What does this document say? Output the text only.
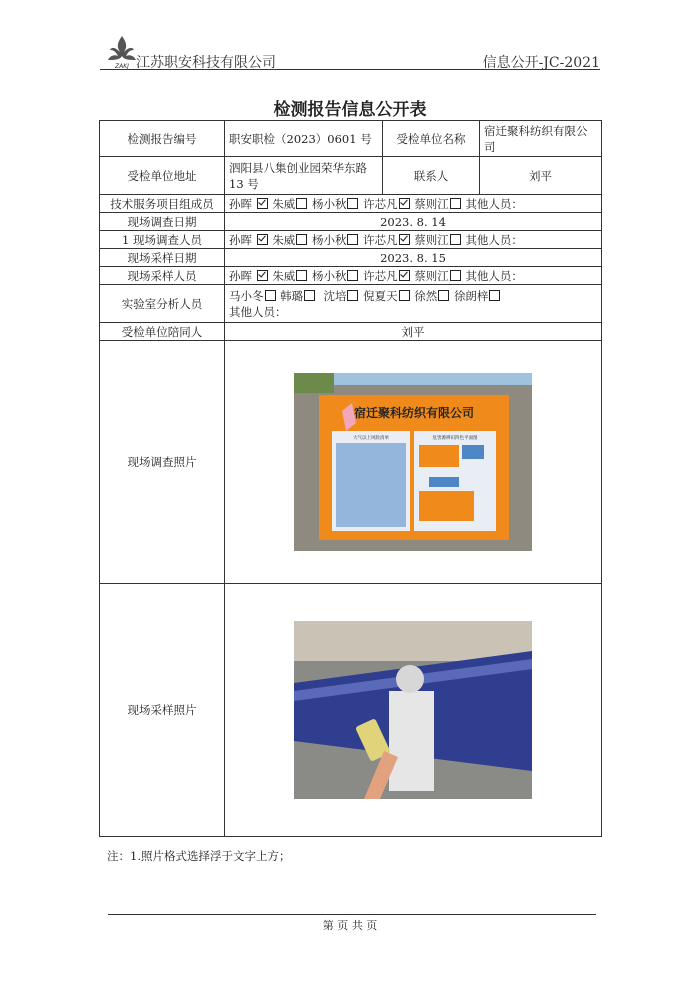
ZAKJ 江苏职安科技有限公司	信息公开-JC-2021
检测报告信息公开表
检测报告编号	职安职检（2023）0601 号	受检单位名称	宿迁聚科纺织有限公司
受检单位地址	泗阳县八集创业园荣华东路 13 号	联系人	刘平
技术服务项目组成员	孙晖 朱威 杨小秋 许芯凡 蔡则江 其他人员：		
现场调查日期	2023. 8. 14		
1 现场调查人员	孙晖 朱威 杨小秋 许芯凡 蔡则江 其他人员：		
现场采样日期	2023. 8. 15		
现场采样人员	孙晖 朱威 杨小秋 许芯凡 蔡则江 其他人员：		
实验室分析人员	马小冬 韩璐 沈培 倪夏天 徐然 徐朗梓
其他人员：		

受检单位陪同人	刘平		
现场调查照片	宿迁聚科纺织有限公司
大气以上风险清单 危害源辨识四色平面图		

现场采样照片	
注：1.照片格式选择浮于文字上方；
第 页 共 页
